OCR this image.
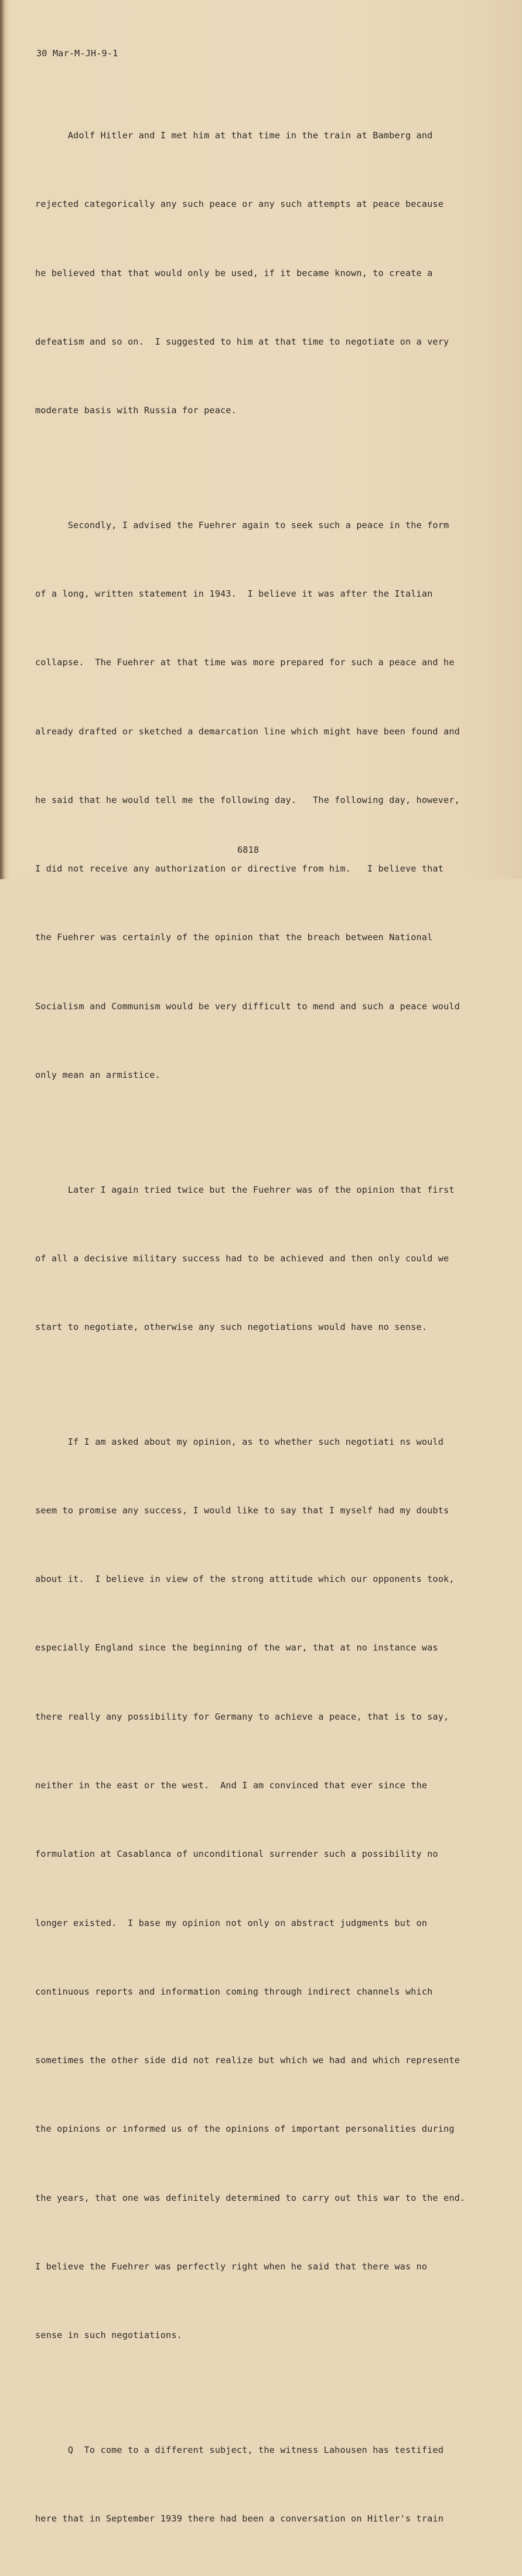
30 Mar-M-JH-9-1

Adolf Hitler and I met him at that time in the train at Bamberg and

rejected categorically any such peace or any such attempts at peace because

he believed that that would only be used, if it became known, to create a

defeatism and so on.  I suggested to him at that time to negotiate on a very

moderate basis with Russia for peace.

Secondly, I advised the Fuehrer again to seek such a peace in the form

of a long, written statement in 1943.  I believe it was after the Italian

collapse.  The Fuehrer at that time was more prepared for such a peace and he

already drafted or sketched a demarcation line which might have been found and

he said that he would tell me the following day.   The following day, however,

I did not receive any authorization or directive from him.   I believe that

the Fuehrer was certainly of the opinion that the breach between National

Socialism and Communism would be very difficult to mend and such a peace would

only mean an armistice.

Later I again tried twice but the Fuehrer was of the opinion that first

of all a decisive military success had to be achieved and then only could we

start to negotiate, otherwise any such negotiations would have no sense.

If I am asked about my opinion, as to whether such negotiati ns would

seem to promise any success, I would like to say that I myself had my doubts

about it.  I believe in view of the strong attitude which our opponents took,

especially England since the beginning of the war, that at no instance was

there really any possibility for Germany to achieve a peace, that is to say,

neither in the east or the west.  And I am convinced that ever since the

formulation at Casablanca of unconditional surrender such a possibility no

longer existed.  I base my opinion not only on abstract judgments but on

continuous reports and information coming through indirect channels which

sometimes the other side did not realize but which we had and which represente

the opinions or informed us of the opinions of important personalities during

the years, that one was definitely determined to carry out this war to the end.

I believe the Fuehrer was perfectly right when he said that there was no

sense in such negotiations.

Q  To come to a different subject, the witness Lahousen has testified

here that in September 1939 there had been a conversation on Hitler's train

6818
